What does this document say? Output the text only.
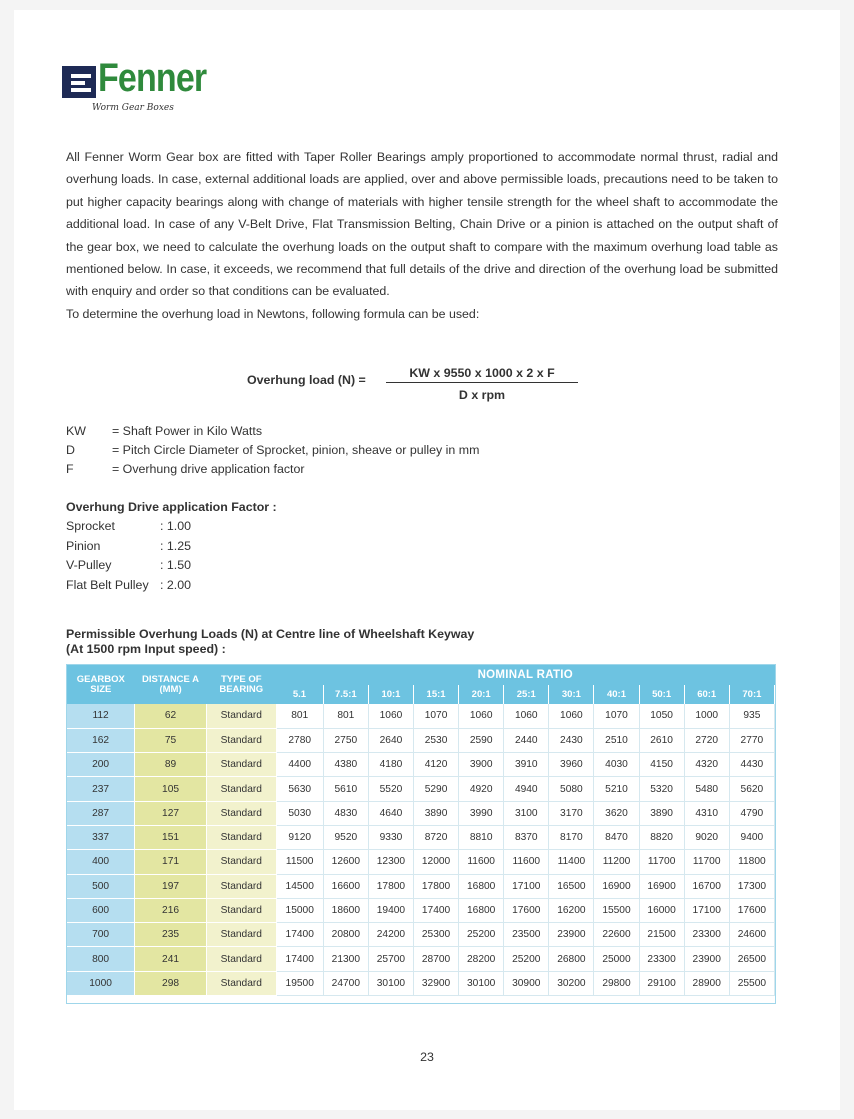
Fenner
Worm Gear Boxes
All Fenner Worm Gear box are fitted with Taper Roller Bearings amply proportioned to accommodate normal thrust, radial and overhung loads. In case, external additional loads are applied, over and above permissible loads, precautions need to be taken to put higher capacity bearings along with change of materials with higher tensile strength for the wheel shaft to accommodate the additional load. In case of any V-Belt Drive, Flat Transmission Belting, Chain Drive or a pinion is attached on the output shaft of the gear box, we need to calculate the overhung loads on the output shaft to compare with the maximum overhung load table as mentioned below. In case, it exceeds, we recommend that full details of the drive and direction of the overhung load be submitted with enquiry and order so that conditions can be evaluated.
To determine the overhung load in Newtons, following formula can be used:
Overhung load (N) =	KW x 9550 x 1000 x 2 x F
D x rpm
KW = Shaft Power in Kilo Watts
D	= Pitch Circle Diameter of Sprocket, pinion, sheave or pulley in mm
F	= Overhung drive application factor
Overhung Drive application Factor :
Sprocket	: 1.00
Pinion	: 1.25
V-Pulley	: 1.50
Flat Belt Pulley : 2.00
Permissible Overhung Loads (N) at Centre line of Wheelshaft Keyway
(At 1500 rpm Input speed) :
GEARBOX SIZE	DISTANCE A (MM)	TYPE OF BEARING	NOMINAL RATIO										
			5.1	7.5:1	10:1	15:1	20:1	25:1	30:1	40:1	50:1	60:1	70:1
112	62	Standard	801	801	1060	1070	1060	1060	1060	1070	1050	1000	935
162	75	Standard	2780	2750	2640	2530	2590	2440	2430	2510	2610	2720	2770
200	89	Standard	4400	4380	4180	4120	3900	3910	3960	4030	4150	4320	4430
237	105	Standard	5630	5610	5520	5290	4920	4940	5080	5210	5320	5480	5620
287	127	Standard	5030	4830	4640	3890	3990	3100	3170	3620	3890	4310	4790
337	151	Standard	9120	9520	9330	8720	8810	8370	8170	8470	8820	9020	9400
400	171	Standard	11500	12600	12300	12000	11600	11600	11400	11200	11700	11700	11800
500	197	Standard	14500	16600	17800	17800	16800	17100	16500	16900	16900	16700	17300
600	216	Standard	15000	18600	19400	17400	16800	17600	16200	15500	16000	17100	17600
700	235	Standard	17400	20800	24200	25300	25200	23500	23900	22600	21500	23300	24600
800	241	Standard	17400	21300	25700	28700	28200	25200	26800	25000	23300	23900	26500
1000	298	Standard	19500	24700	30100	32900	30100	30900	30200	29800	29100	28900	25500
23
